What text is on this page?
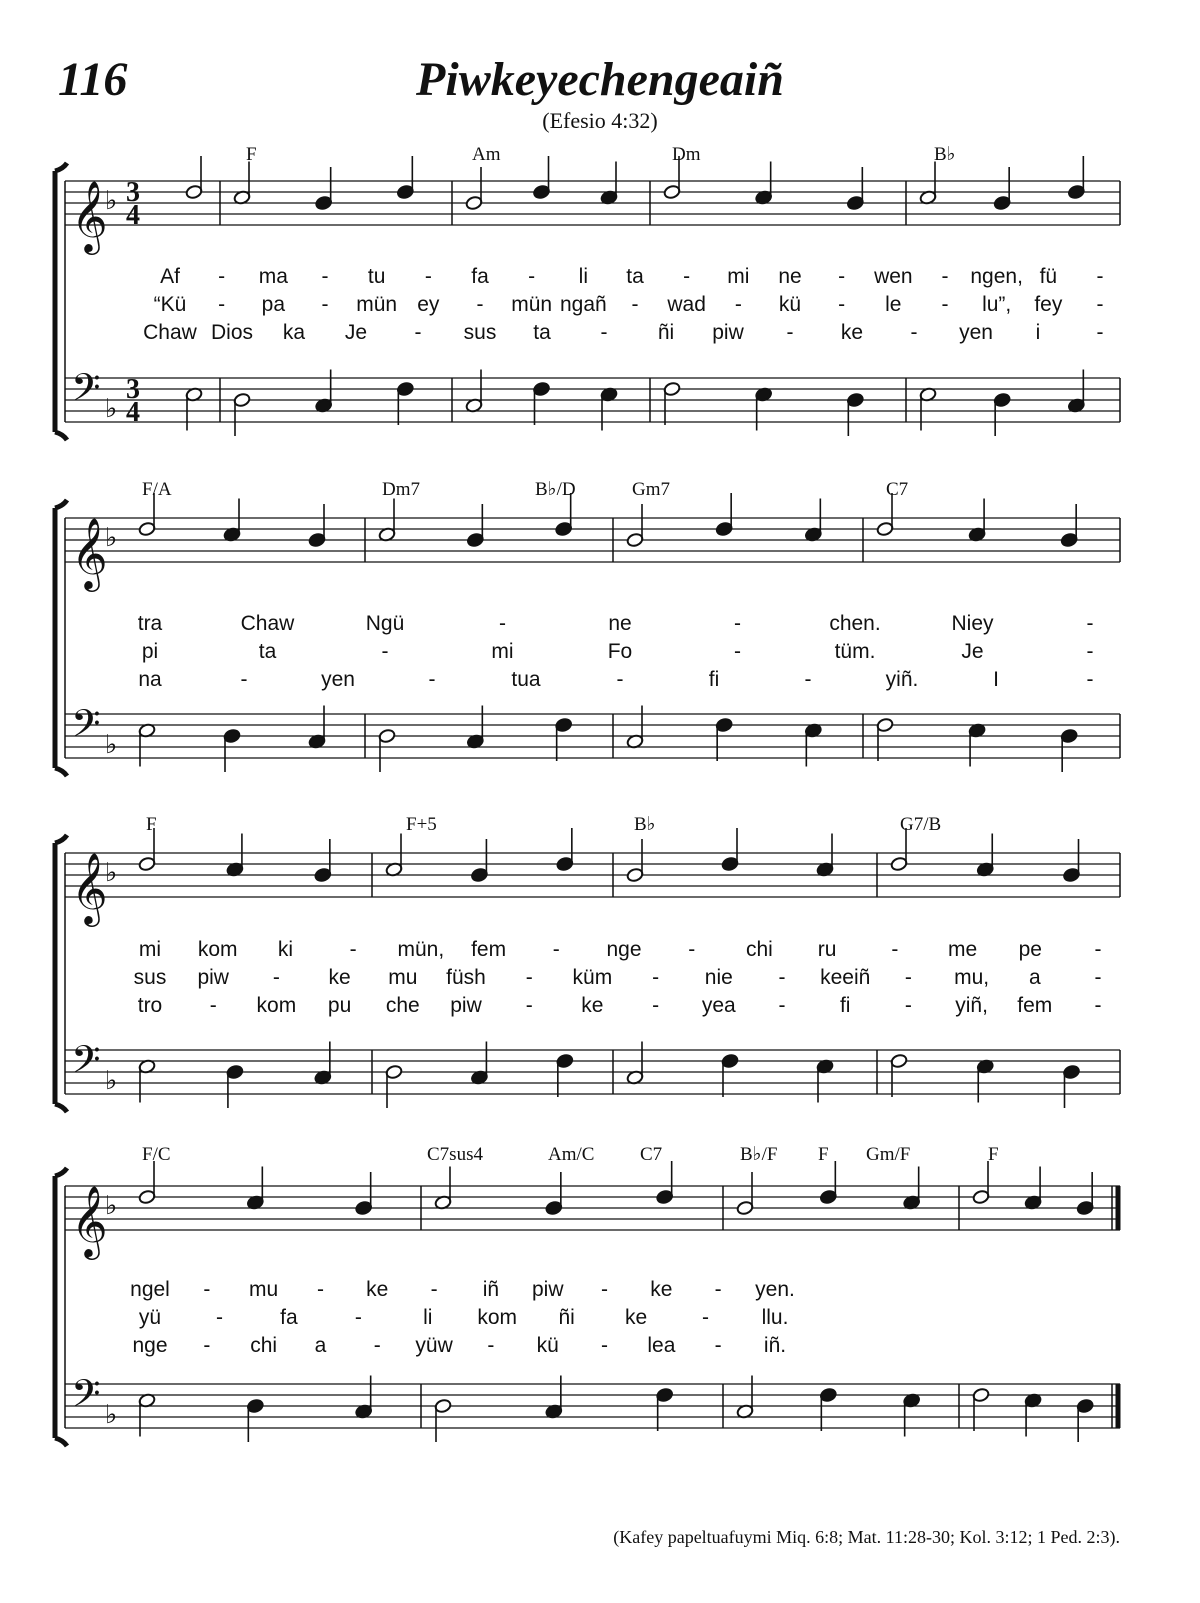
116	Piwkeyechengeaiñ
(Efesio 4:32)
𝄞
𝄢
♭
♭
3
4
3
4
F	Am	Dm	B♭
Af - ma - tu - fa - li ta - mi ne - wen - ngen, fü -
“Kü - pa - mün ey - mün ngañ - wad - kü - le - lu”, fey -
Chaw Dios ka Je - sus ta - ñi piw - ke - yen i	-
𝄞
𝄢
♭
♭
F/A	Dm7	B♭/D	Gm7	C7
tra	Chaw	Ngü	-	ne	-	chen.	Niey	-
pi	ta	-	mi	Fo	-	tüm.	Je	-
na	-	yen	-	tua	-	fi	-	yiñ.	I	-
𝄞
𝄢
♭
♭
F	F+5	B♭	G7/B
mi kom ki	- mün, fem - nge - chi ru	- me pe	-
sus piw - ke mu füsh - küm - nie - keeiñ - mu, a	-
tro - kom pu che piw - ke - yea -	fi	- yiñ, fem -
𝄞
𝄢
♭
♭
F/C	C7sus4	Am/C C7	B♭/F F Gm/F	F
ngel - mu - ke - iñ piw - ke - yen.
yü	-	fa	-	li kom ñi ke	-	llu.
nge - chi a - yüw - kü - lea - iñ.
(Kafey papeltuafuymi Miq. 6:8; Mat. 11:28-30; Kol. 3:12; 1 Ped. 2:3).
